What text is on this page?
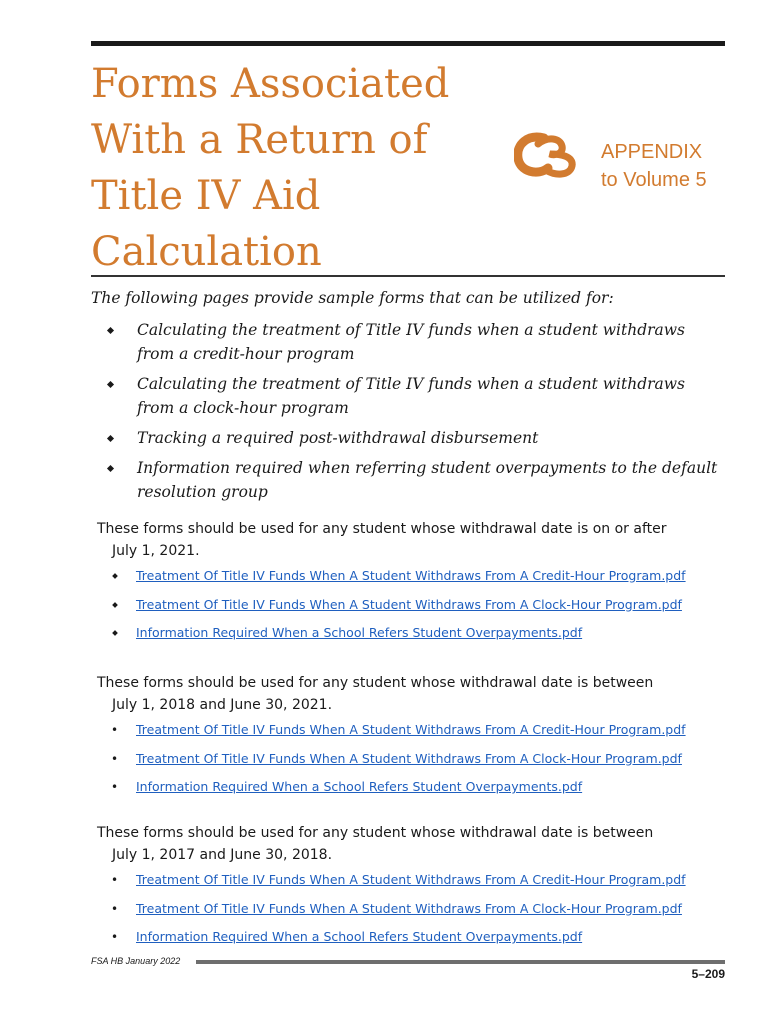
Forms Associated
With a Return of
Title IV Aid
Calculation
APPENDIX
to Volume 5

The following pages provide sample forms that can be utilized for:

Calculating the treatment of Title IV funds when a student withdraws from a credit-hour program
Calculating the treatment of Title IV funds when a student withdraws from a clock-hour program
Tracking a required post-withdrawal disbursement
Information required when referring student overpayments to the default resolution group
These forms should be used for any student whose withdrawal date is on or after
July 1, 2021.
Treatment Of Title IV Funds When A Student Withdraws From A Credit-Hour Program.pdf
Treatment Of Title IV Funds When A Student Withdraws From A Clock-Hour Program.pdf
Information Required When a School Refers Student Overpayments.pdf
These forms should be used for any student whose withdrawal date is between
July 1, 2018 and June 30, 2021.
• Treatment Of Title IV Funds When A Student Withdraws From A Credit-Hour Program.pdf
• Treatment Of Title IV Funds When A Student Withdraws From A Clock-Hour Program.pdf
• Information Required When a School Refers Student Overpayments.pdf
These forms should be used for any student whose withdrawal date is between
July 1, 2017 and June 30, 2018.
• Treatment Of Title IV Funds When A Student Withdraws From A Credit-Hour Program.pdf
• Treatment Of Title IV Funds When A Student Withdraws From A Clock-Hour Program.pdf
• Information Required When a School Refers Student Overpayments.pdf
FSA HB January 2022
5–209
